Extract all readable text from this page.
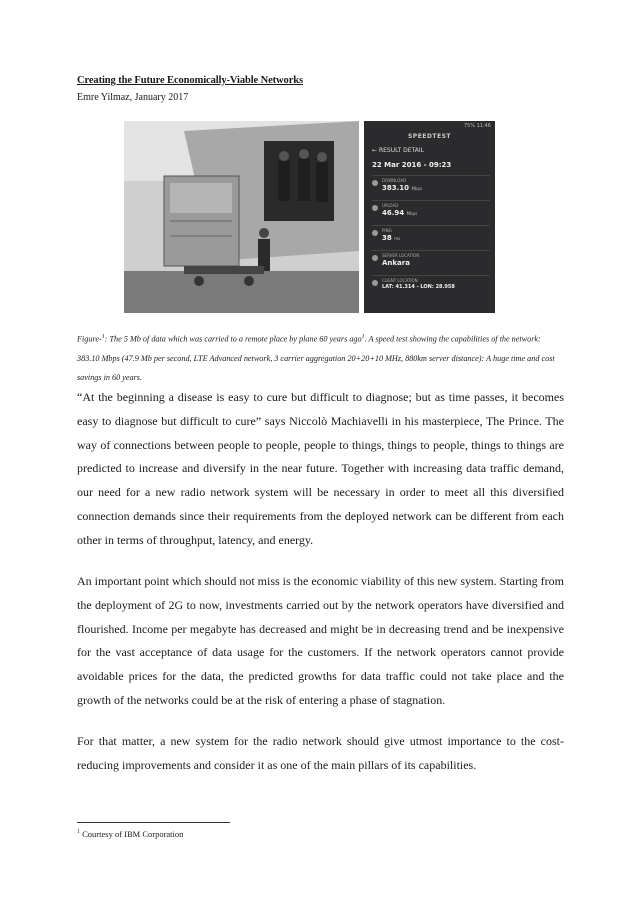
Creating the Future Economically-Viable Networks
Emre Yilmaz, January 2017
75% 11:46
SPEEDTEST
← RESULT DETAIL
22 Mar 2016 - 09:23
DOWNLOAD
383.10 Mbps
UPLOAD
46.94 Mbps
PING
38 ms
SERVER LOCATION
Ankara
CLIENT LOCATION
LAT: 41.314 - LON: 28.958
Figure-$^1$: The 5 Mb of data which was carried to a remote place by plane 60 years ago$^1$. A speed test showing the capabilities of the network: 383.10 Mbps (47.9 Mb per second, LTE Advanced network, 3 carrier aggregation 20+20+10 MHz, 880km server distance): A huge time and cost savings in 60 years.

“At the beginning a disease is easy to cure but difficult to diagnose; but as time passes, it becomes easy to diagnose but difficult to cure” says Niccolò Machiavelli in his masterpiece, The Prince. The way of connections between people to people, people to things, things to people, things to things are predicted to increase and diversify in the near future. Together with increasing data traffic demand, our need for a new radio network system will be necessary in order to meet all this diversified connection demands since their requirements from the deployed network can be different from each other in terms of throughput, latency, and energy.

An important point which should not miss is the economic viability of this new system. Starting from the deployment of 2G to now, investments carried out by the network operators have diversified and flourished. Income per megabyte has decreased and might be in decreasing trend and be inexpensive for the vast acceptance of data usage for the customers. If the network operators cannot provide avoidable prices for the data, the predicted growths for data traffic could not take place and the growth of the networks could be at the risk of entering a phase of stagnation.

For that matter, a new system for the radio network should give utmost importance to the cost-reducing improvements and consider it as one of the main pillars of its capabilities.

$^1$ Courtesy of IBM Corporation
